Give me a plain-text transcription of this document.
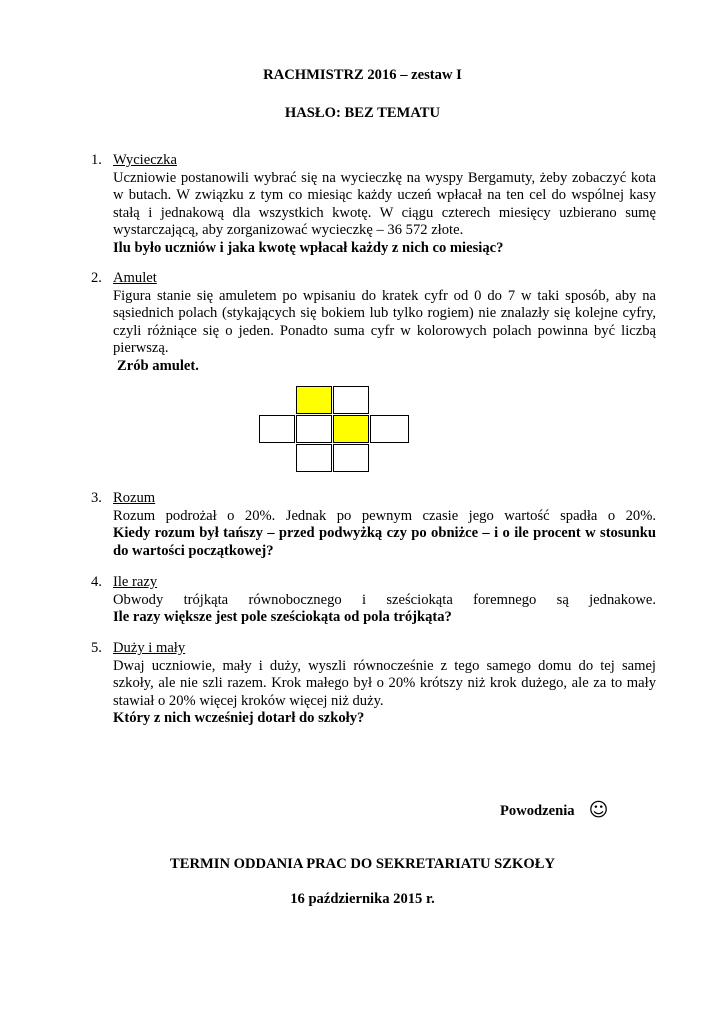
RACHMISTRZ 2016 – zestaw I
HASŁO: BEZ TEMATU
1. Wycieczka
Uczniowie postanowili wybrać się na wycieczkę na wyspy Bergamuty, żeby zobaczyć kota
w butach. W związku z tym co miesiąc każdy uczeń wpłacał na ten cel do wspólnej kasy
stałą i jednakową dla wszystkich kwotę. W ciągu czterech miesięcy uzbierano sumę
wystarczającą, aby zorganizować wycieczkę – 36 572 złote.
Ilu było uczniów i jaka kwotę wpłacał każdy z nich co miesiąc?
2. Amulet
Figura stanie się amuletem po wpisaniu do kratek cyfr od 0 do 7 w taki sposób, aby na
sąsiednich polach (stykających się bokiem lub tylko rogiem) nie znalazły się kolejne cyfry,
czyli różniące się o jeden. Ponadto suma cyfr w kolorowych polach powinna być liczbą
pierwszą.
Zrób amulet.
3. Rozum
Rozum podrożał o 20%. Jednak po pewnym czasie jego wartość spadła o 20%.
Kiedy rozum był tańszy – przed podwyżką czy po obniżce – i o ile procent w stosunku
do wartości początkowej?
4. Ile razy
Obwody trójkąta równobocznego i sześciokąta foremnego są jednakowe.
Ile razy większe jest pole sześciokąta od pola trójkąta?
5. Duży i mały
Dwaj uczniowie, mały i duży, wyszli równocześnie z tego samego domu do tej samej
szkoły, ale nie szli razem. Krok małego był o 20% krótszy niż krok dużego, ale za to mały
stawiał o 20% więcej kroków więcej niż duży.
Który z nich wcześniej dotarł do szkoły?
Powodzenia ☺
TERMIN ODDANIA PRAC DO SEKRETARIATU SZKOŁY
16 października 2015 r.
